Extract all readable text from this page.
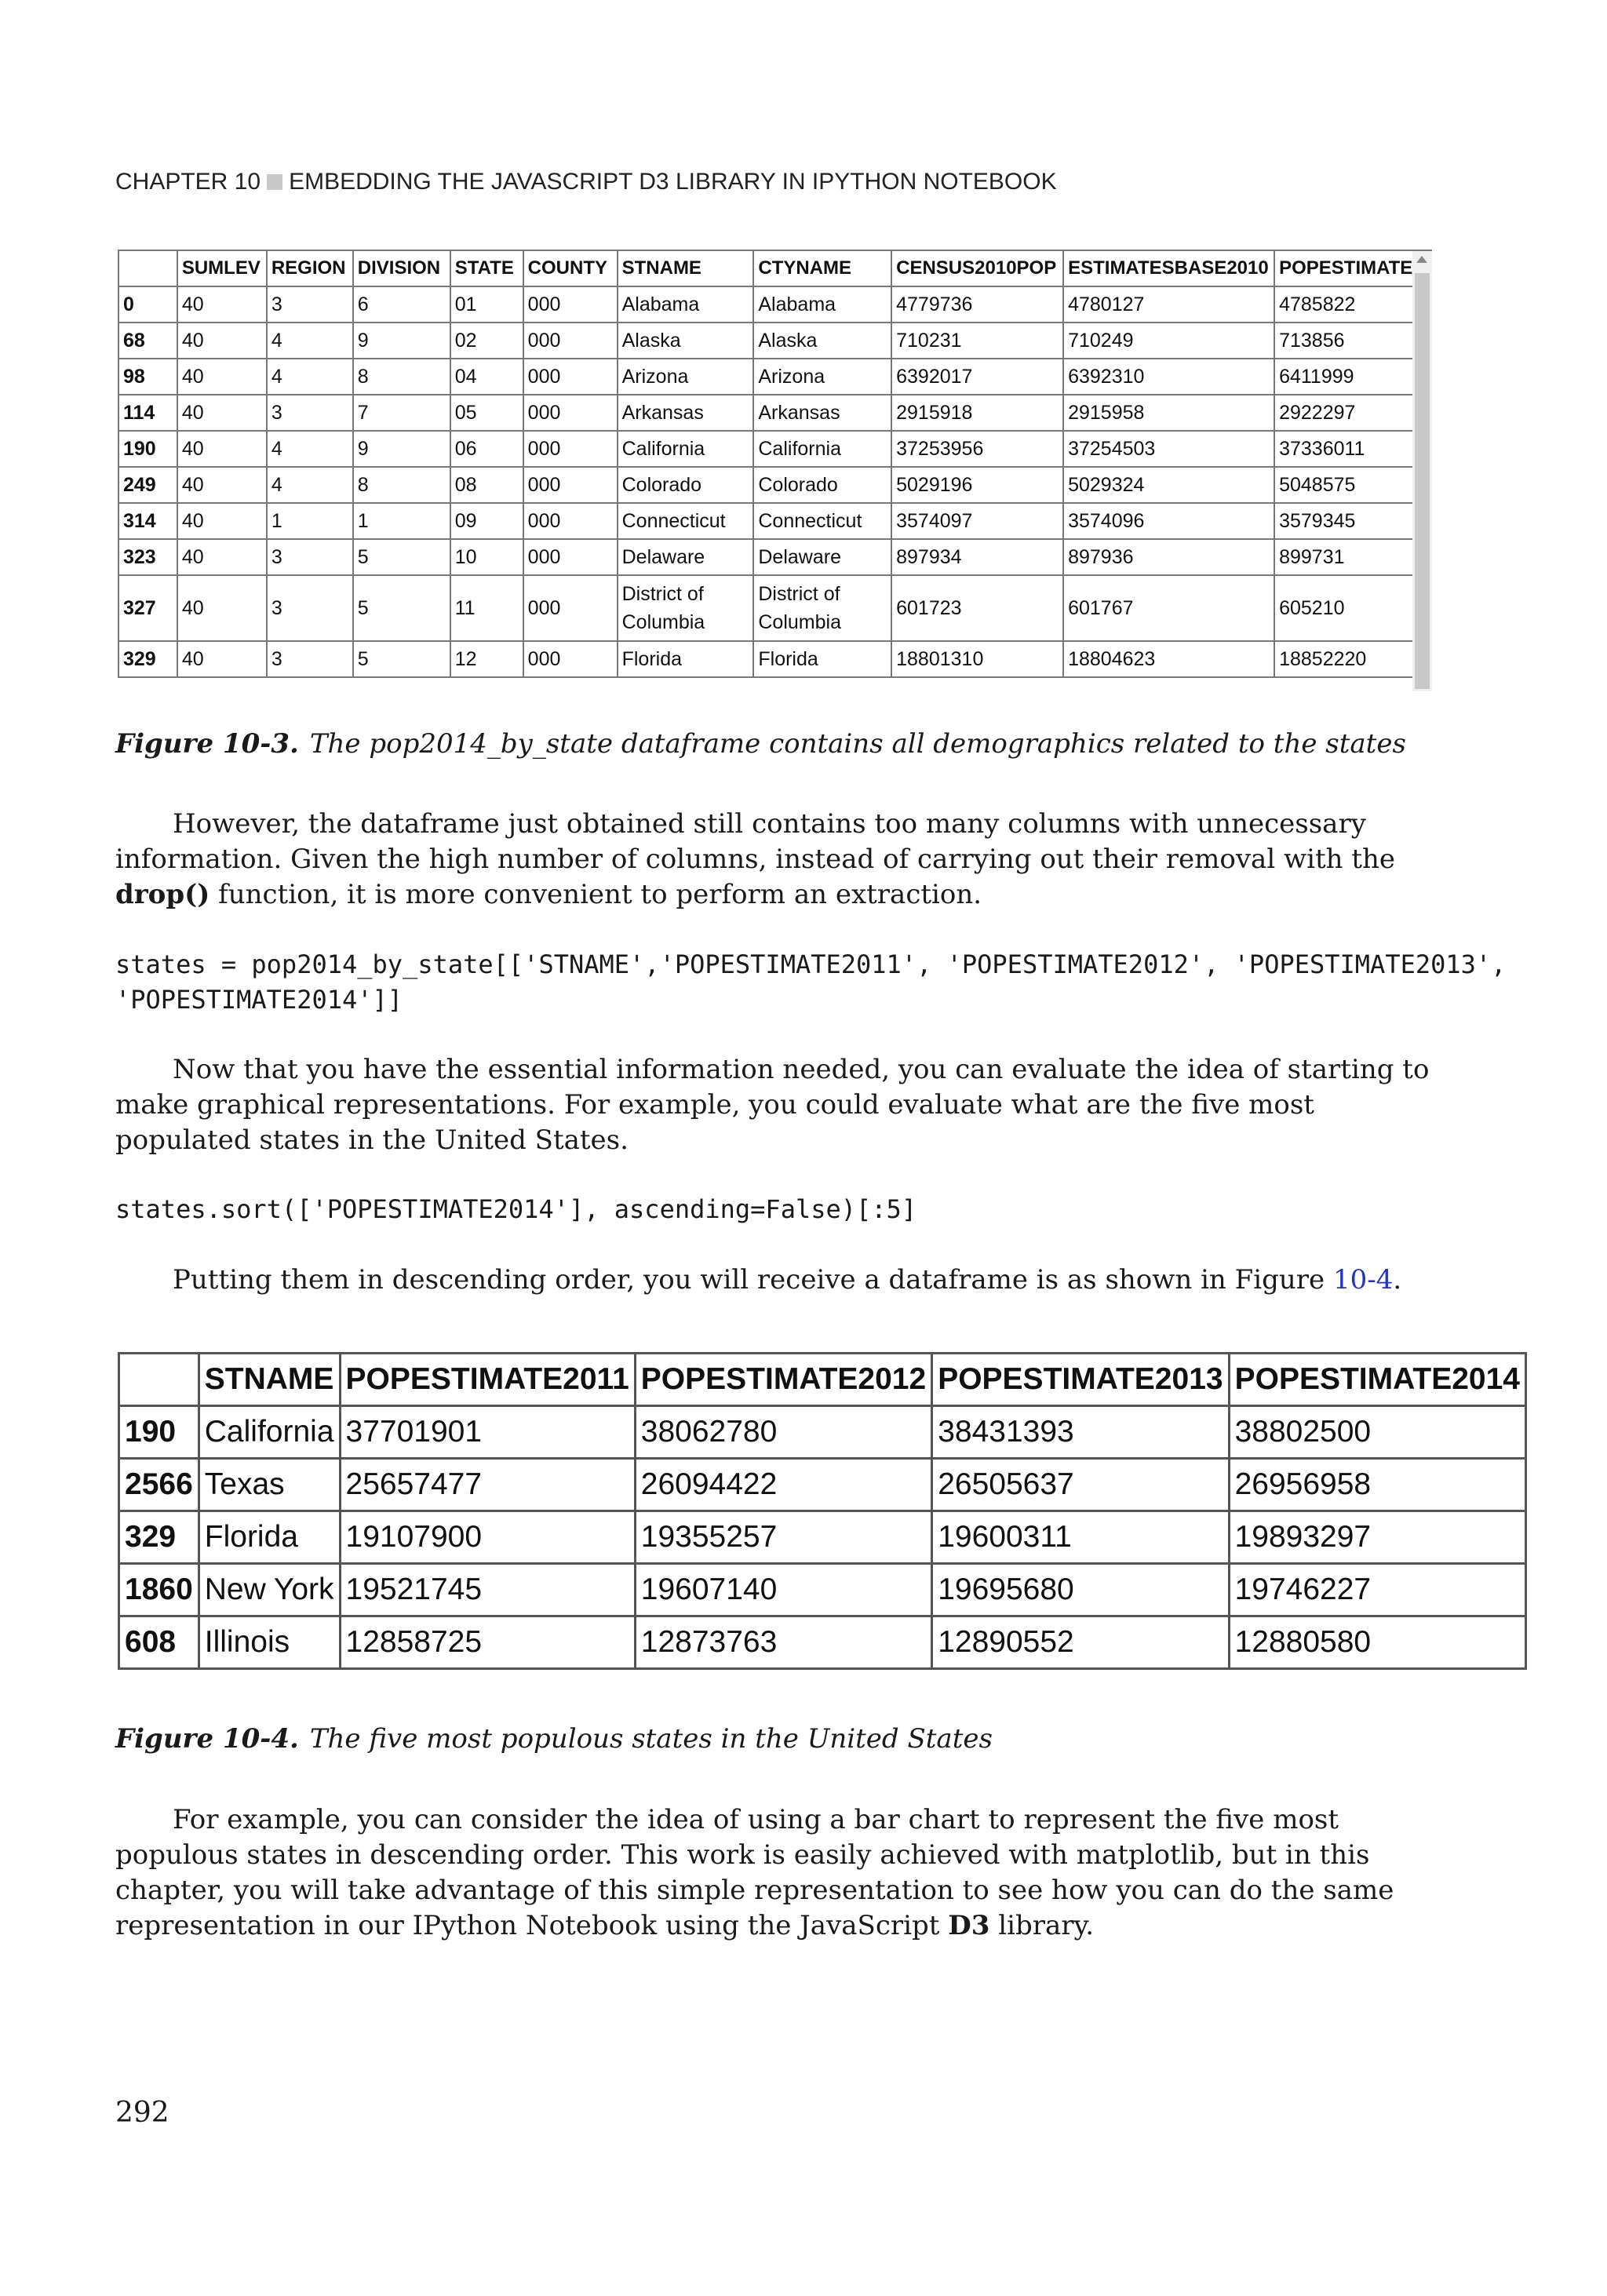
CHAPTER 10 EMBEDDING THE JAVASCRIPT D3 LIBRARY IN IPYTHON NOTEBOOK
	SUMLEV	REGION	DIVISION	STATE	COUNTY	STNAME	CTYNAME	CENSUS2010POP	ESTIMATESBASE2010	POPESTIMATE
0	40	3	6	01	000	Alabama	Alabama	4779736	4780127	4785822
68	40	4	9	02	000	Alaska	Alaska	710231	710249	713856
98	40	4	8	04	000	Arizona	Arizona	6392017	6392310	6411999
114	40	3	7	05	000	Arkansas	Arkansas	2915918	2915958	2922297
190	40	4	9	06	000	California	California	37253956	37254503	37336011
249	40	4	8	08	000	Colorado	Colorado	5029196	5029324	5048575
314	40	1	1	09	000	Connecticut	Connecticut	3574097	3574096	3579345
323	40	3	5	10	000	Delaware	Delaware	897934	897936	899731
327	40	3	5	11	000	District of Columbia	District of Columbia	601723	601767	605210
329	40	3	5	12	000	Florida	Florida	18801310	18804623	18852220
Figure 10-3. The pop2014_by_state dataframe contains all demographics related to the states

However, the dataframe just obtained still contains too many columns with unnecessary information. Given the high number of columns, instead of carrying out their removal with the drop() function, it is more convenient to perform an extraction.

states = pop2014_by_state[['STNAME','POPESTIMATE2011', 'POPESTIMATE2012', 'POPESTIMATE2013',
'POPESTIMATE2014']]

Now that you have the essential information needed, you can evaluate the idea of starting to make graphical representations. For example, you could evaluate what are the five most populated states in the United States.

states.sort(['POPESTIMATE2014'], ascending=False)[:5]

Putting them in descending order, you will receive a dataframe is as shown in Figure 10-4.

	STNAME	POPESTIMATE2011	POPESTIMATE2012	POPESTIMATE2013	POPESTIMATE2014
190	California	37701901	38062780	38431393	38802500
2566	Texas	25657477	26094422	26505637	26956958
329	Florida	19107900	19355257	19600311	19893297
1860	New York	19521745	19607140	19695680	19746227
608	Illinois	12858725	12873763	12890552	12880580
Figure 10-4. The five most populous states in the United States

For example, you can consider the idea of using a bar chart to represent the five most populous states in descending order. This work is easily achieved with matplotlib, but in this chapter, you will take advantage of this simple representation to see how you can do the same representation in our IPython Notebook using the JavaScript D3 library.

292
